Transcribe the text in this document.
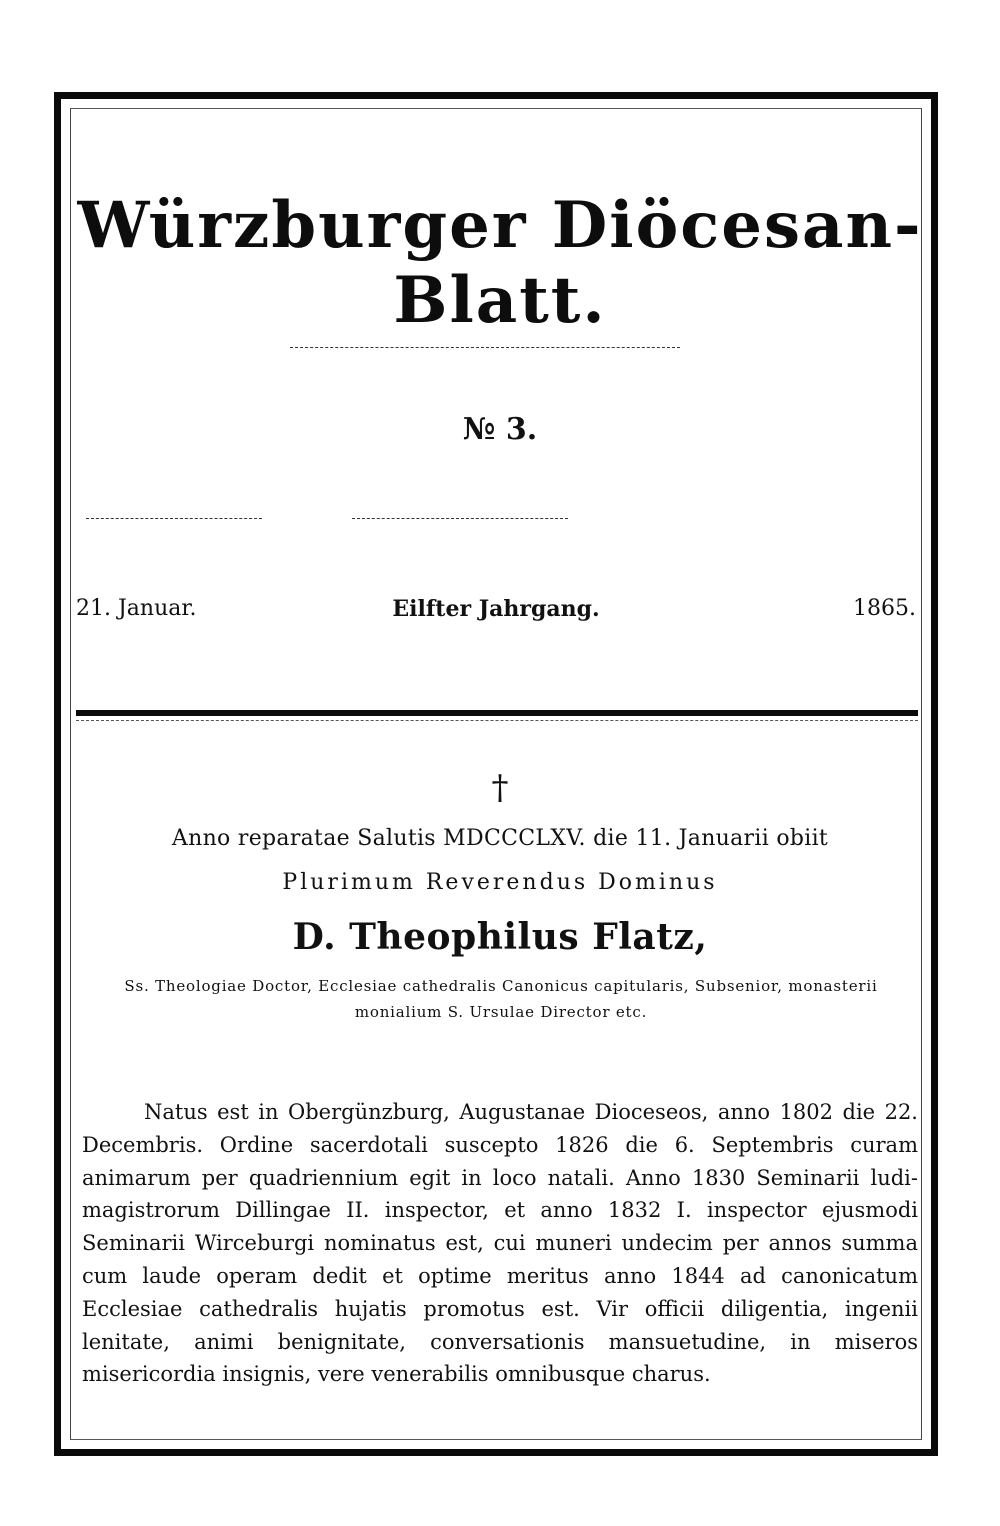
Würzburger Diöcesan-Blatt.
№ 3.
21. Januar.	Eilfter Jahrgang.	1865.
†
Anno reparatae Salutis MDCCCLXV. die 11. Januarii obiit
Plurimum Reverendus Dominus
D. Theophilus Flatz,
Ss. Theologiae Doctor, Ecclesiae cathedralis Canonicus capitularis, Subsenior, monasterii monialium S. Ursulae Director etc.

Natus est in Obergünzburg, Augustanae Dioceseos, anno 1802 die 22. Decembris. Ordine sacerdotali suscepto 1826 die 6. Septembris curam animarum per quadriennium egit in loco natali. Anno 1830 Seminarii ludi-magistrorum Dillingae II. inspector, et anno 1832 I. inspector ejusmodi Seminarii Wirceburgi nominatus est, cui muneri undecim per annos summa cum laude operam dedit et optime meritus anno 1844 ad canonicatum Ecclesiae cathedralis hujatis promotus est. Vir officii diligentia, ingenii lenitate, animi benignitate, conversationis mansuetudine, in miseros misericordia insignis, vere venerabilis omnibusque charus.
